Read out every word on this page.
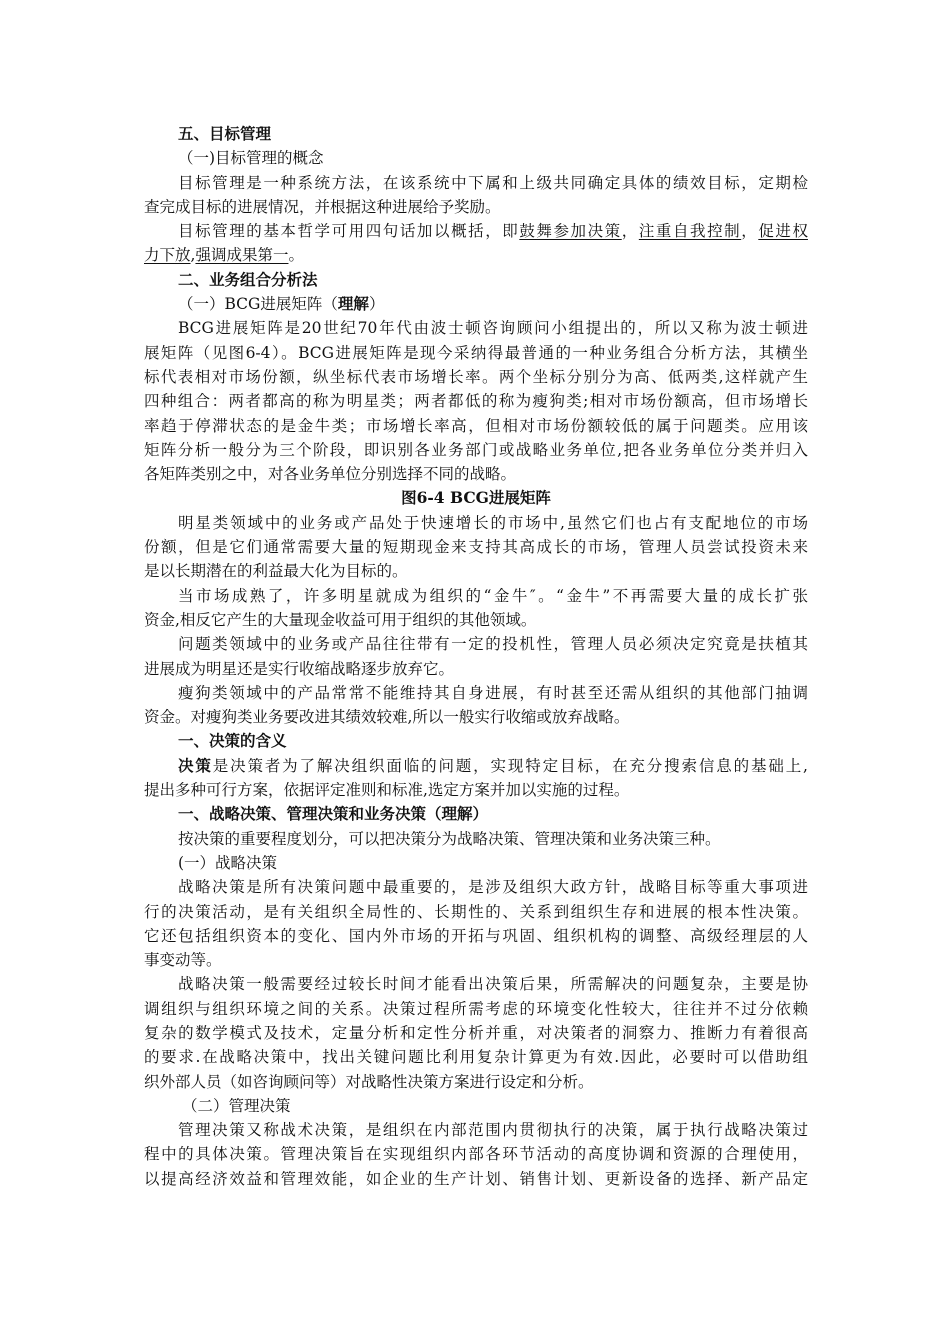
五、目标管理
（一)目标管理的概念
目标管理是一种系统方法，在该系统中下属和上级共同确定具体的绩效目标，定期检
查完成目标的进展情况，并根据这种进展给予奖励。
目标管理的基本哲学可用四句话加以概括，即鼓舞参加决策，注重自我控制，促进权
力下放,强调成果第一。
二、业务组合分析法
（一）BCG进展矩阵（理解）
BCG进展矩阵是20世纪70年代由波士顿咨询顾问小组提出的，所以又称为波士顿进
展矩阵（见图6-4）。BCG进展矩阵是现今采纳得最普通的一种业务组合分析方法，其横坐
标代表相对市场份额，纵坐标代表市场增长率。两个坐标分别分为高、低两类,这样就产生
四种组合：两者都高的称为明星类；两者都低的称为瘦狗类;相对市场份额高，但市场增长
率趋于停滞状态的是金牛类；市场增长率高，但相对市场份额较低的属于问题类。应用该
矩阵分析一般分为三个阶段，即识别各业务部门或战略业务单位,把各业务单位分类并归入
各矩阵类别之中，对各业务单位分别选择不同的战略。
图6-4 BCG进展矩阵
明星类领域中的业务或产品处于快速增长的市场中,虽然它们也占有支配地位的市场
份额，但是它们通常需要大量的短期现金来支持其高成长的市场，管理人员尝试投资未来
是以长期潜在的利益最大化为目标的。
当市场成熟了，许多明星就成为组织的“金牛″。“金牛”不再需要大量的成长扩张
资金,相反它产生的大量现金收益可用于组织的其他领域。
问题类领域中的业务或产品往往带有一定的投机性，管理人员必须决定究竟是扶植其
进展成为明星还是实行收缩战略逐步放弃它。
瘦狗类领域中的产品常常不能维持其自身进展，有时甚至还需从组织的其他部门抽调
资金。对瘦狗类业务要改进其绩效较难,所以一般实行收缩或放弃战略。
一、决策的含义
决策是决策者为了解决组织面临的问题，实现特定目标，在充分搜索信息的基础上,
提出多种可行方案，依据评定准则和标准,选定方案并加以实施的过程。
一、战略决策、管理决策和业务决策（理解）
按决策的重要程度划分，可以把决策分为战略决策、管理决策和业务决策三种。
(一）战略决策
战略决策是所有决策问题中最重要的，是涉及组织大政方针，战略目标等重大事项进
行的决策活动，是有关组织全局性的、长期性的、关系到组织生存和进展的根本性决策。
它还包括组织资本的变化、国内外市场的开拓与巩固、组织机构的调整、高级经理层的人
事变动等。
战略决策一般需要经过较长时间才能看出决策后果，所需解决的问题复杂，主要是协
调组织与组织环境之间的关系。决策过程所需考虑的环境变化性较大，往往并不过分依赖
复杂的数学模式及技术，定量分析和定性分析并重，对决策者的洞察力、推断力有着很高
的要求.在战略决策中，找出关键问题比利用复杂计算更为有效.因此，必要时可以借助组
织外部人员（如咨询顾问等）对战略性决策方案进行设定和分析。
（二）管理决策
管理决策又称战术决策，是组织在内部范围内贯彻执行的决策，属于执行战略决策过
程中的具体决策。管理决策旨在实现组织内部各环节活动的高度协调和资源的合理使用，
以提高经济效益和管理效能，如企业的生产计划、销售计划、更新设备的选择、新产品定
